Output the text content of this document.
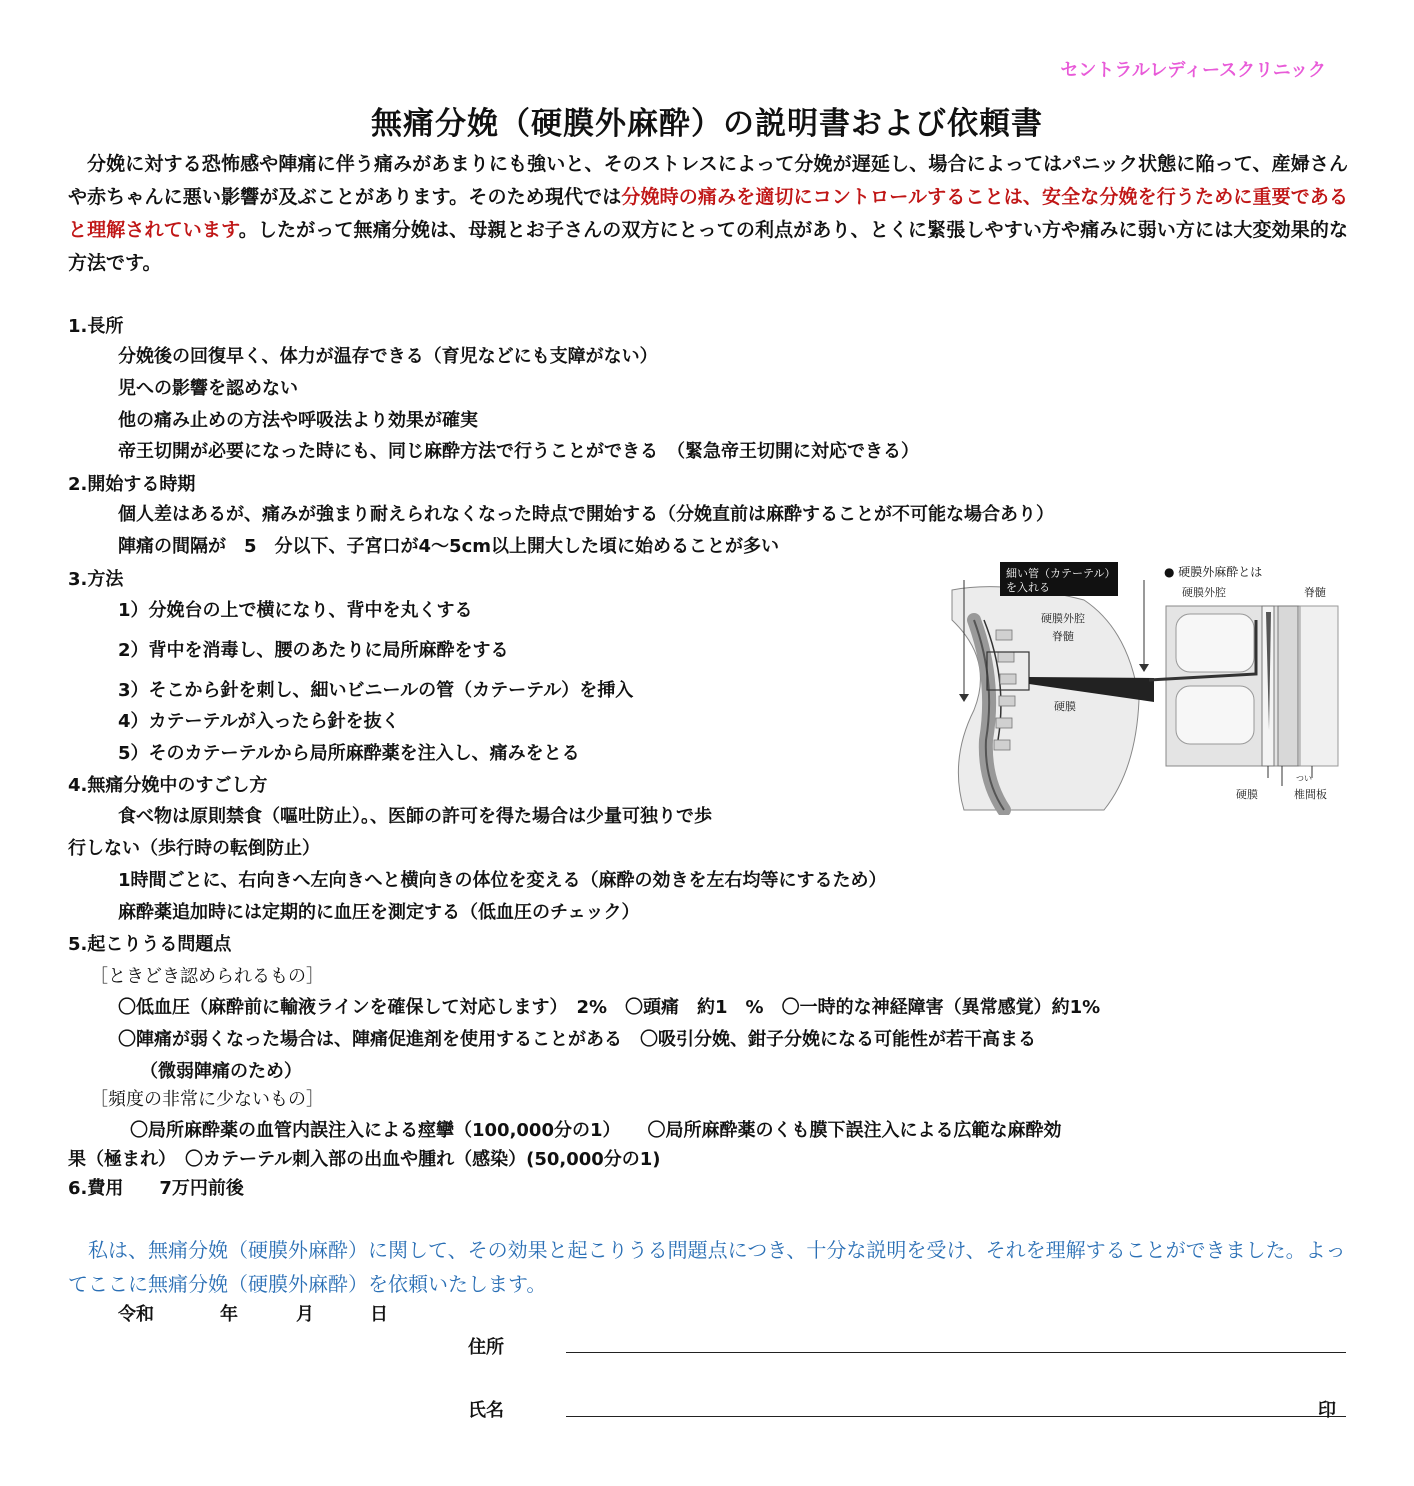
セントラルレディースクリニック
無痛分娩（硬膜外麻酔）の説明書および依頼書
分娩に対する恐怖感や陣痛に伴う痛みがあまりにも強いと、そのストレスによって分娩が遅延し、場合によってはパニック状態に陥って、産婦さんや赤ちゃんに悪い影響が及ぶことがあります。そのため現代では分娩時の痛みを適切にコントロールすることは、安全な分娩を行うために重要であると理解されています。したがって無痛分娩は、母親とお子さんの双方にとっての利点があり、とくに緊張しやすい方や痛みに弱い方には大変効果的な方法です。
1.長所
分娩後の回復早く、体力が温存できる（育児などにも支障がない）
児への影響を認めない
他の痛み止めの方法や呼吸法より効果が確実
帝王切開が必要になった時にも、同じ麻酔方法で行うことができる　（緊急帝王切開に対応できる）
2.開始する時期
個人差はあるが、痛みが強まり耐えられなくなった時点で開始する（分娩直前は麻酔することが不可能な場合あり）
陣痛の間隔が　5　分以下、子宮口が4～5cm以上開大した頃に始めることが多い
3.方法
1）分娩台の上で横になり、背中を丸くする
2）背中を消毒し、腰のあたりに局所麻酔をする
3）そこから針を刺し、細いビニールの管（カテーテル）を挿入
4）カテーテルが入ったら針を抜く
5）そのカテーテルから局所麻酔薬を注入し、痛みをとる
4.無痛分娩中のすごし方
食べ物は原則禁食（嘔吐防止）。、医師の許可を得た場合は少量可独りで歩
行しない（歩行時の転倒防止）
1時間ごとに、右向きへ左向きへと横向きの体位を変える（麻酔の効きを左右均等にするため）
麻酔薬追加時には定期的に血圧を測定する（低血圧のチェック）
5.起こりうる問題点
［ときどき認められるもの］
〇低血圧（麻酔前に輸液ラインを確保して対応します）　2%　〇頭痛　約1　%　〇一時的な神経障害（異常感覚）約1%
〇陣痛が弱くなった場合は、陣痛促進剤を使用することがある　〇吸引分娩、鉗子分娩になる可能性が若干高まる
（微弱陣痛のため）
［頻度の非常に少ないもの］
〇局所麻酔薬の血管内誤注入による痙攣（100,000分の1）　　〇局所麻酔薬のくも膜下誤注入による広範な麻酔効
果（極まれ）　〇カテーテル刺入部の出血や腫れ（感染）(50,000分の1)
6.費用　　7万円前後
細い管（カテーテル）
を入れる
硬膜外腔
脊髄
硬膜
● 硬膜外麻酔とは
硬膜外腔	脊髄
硬膜
つい
椎間板
私は、無痛分娩（硬膜外麻酔）に関して、その効果と起こりうる問題点につき、十分な説明を受け、それを理解することができました。よってここに無痛分娩（硬膜外麻酔）を依頼いたします。
令和	年	月	日
住所
氏名	印
